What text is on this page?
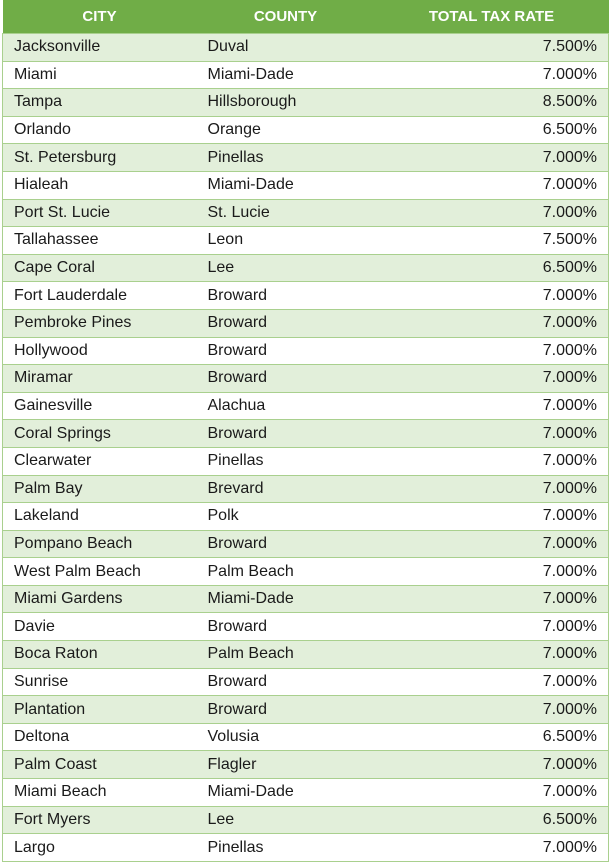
CITY	COUNTY	TOTAL TAX RATE
Jacksonville	Duval	7.500%
Miami	Miami-Dade	7.000%
Tampa	Hillsborough	8.500%
Orlando	Orange	6.500%
St. Petersburg	Pinellas	7.000%
Hialeah	Miami-Dade	7.000%
Port St. Lucie	St. Lucie	7.000%
Tallahassee	Leon	7.500%
Cape Coral	Lee	6.500%
Fort Lauderdale	Broward	7.000%
Pembroke Pines	Broward	7.000%
Hollywood	Broward	7.000%
Miramar	Broward	7.000%
Gainesville	Alachua	7.000%
Coral Springs	Broward	7.000%
Clearwater	Pinellas	7.000%
Palm Bay	Brevard	7.000%
Lakeland	Polk	7.000%
Pompano Beach	Broward	7.000%
West Palm Beach	Palm Beach	7.000%
Miami Gardens	Miami-Dade	7.000%
Davie	Broward	7.000%
Boca Raton	Palm Beach	7.000%
Sunrise	Broward	7.000%
Plantation	Broward	7.000%
Deltona	Volusia	6.500%
Palm Coast	Flagler	7.000%
Miami Beach	Miami-Dade	7.000%
Fort Myers	Lee	6.500%
Largo	Pinellas	7.000%
